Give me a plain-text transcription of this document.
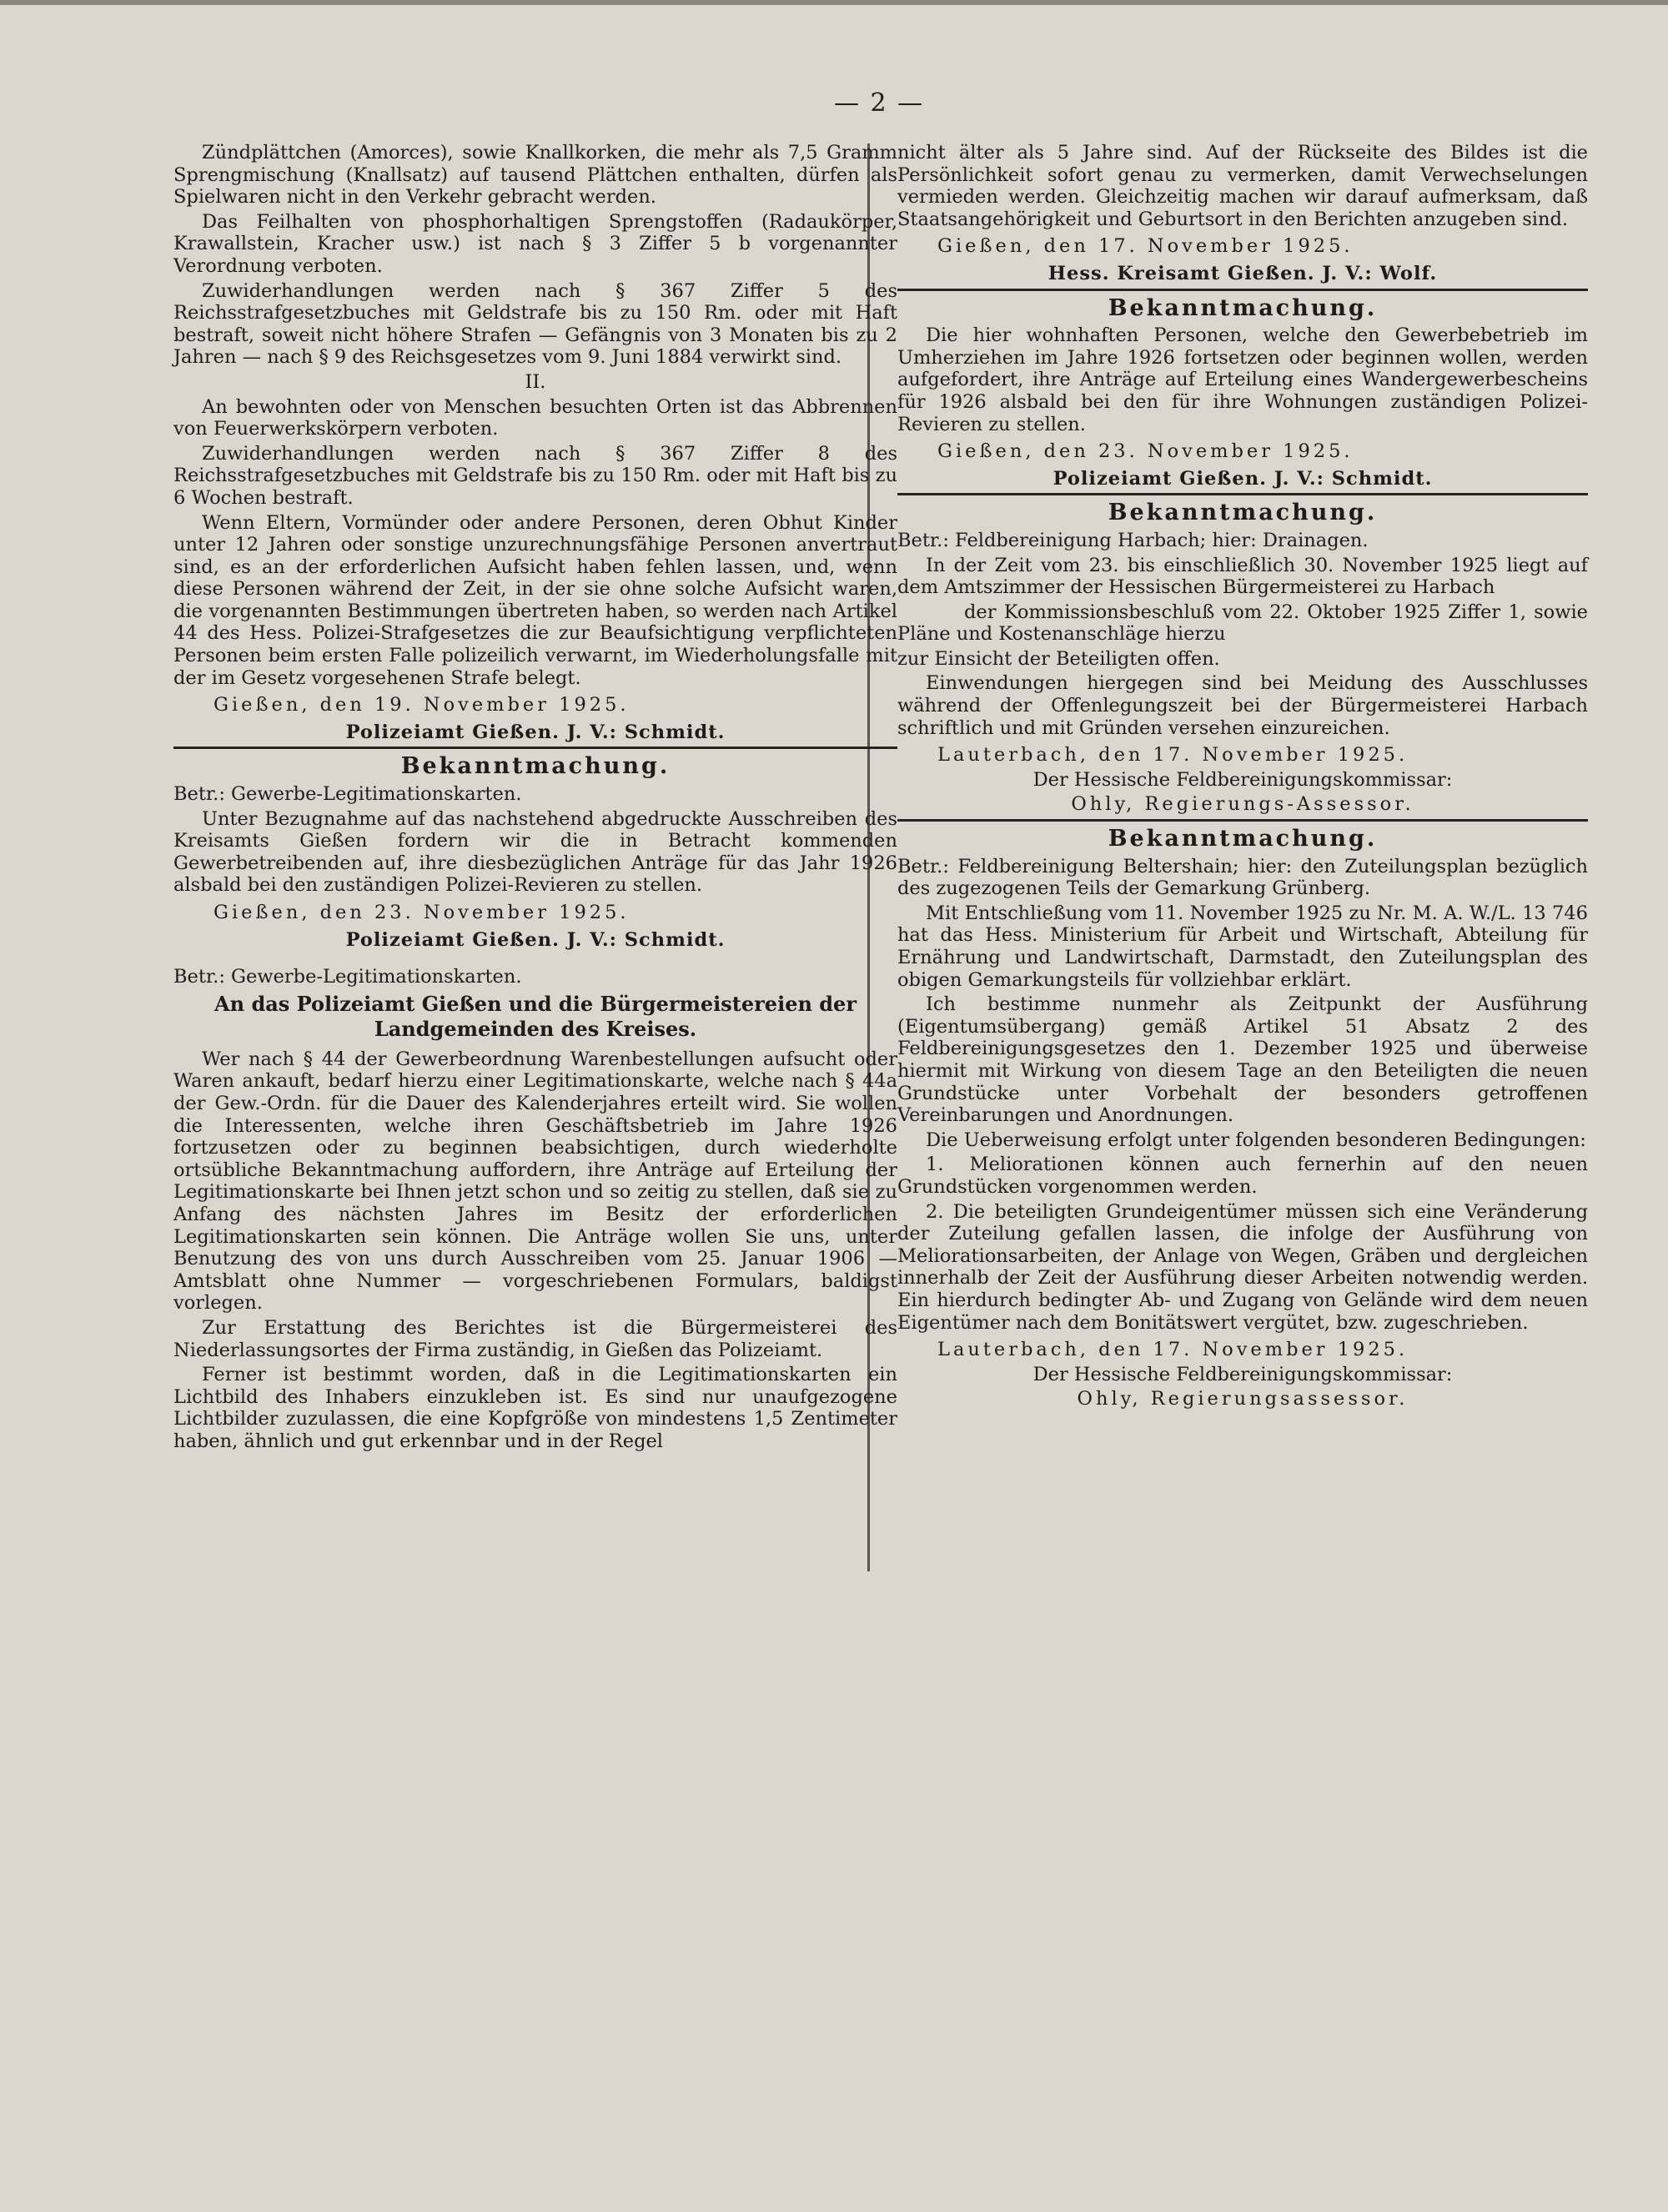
— 2 —

Zündplättchen (Amorces), sowie Knallkorken, die mehr als 7,5 Gramm Sprengmischung (Knallsatz) auf tausend Plättchen enthalten, dürfen als Spielwaren nicht in den Verkehr gebracht werden.

Das Feilhalten von phosphorhaltigen Sprengstoffen (Radaukörper, Krawallstein, Kracher usw.) ist nach § 3 Ziffer 5 b vorgenannter Verordnung verboten.

Zuwiderhandlungen werden nach § 367 Ziffer 5 des Reichsstrafgesetzbuches mit Geldstrafe bis zu 150 Rm. oder mit Haft bestraft, soweit nicht höhere Strafen — Gefängnis von 3 Monaten bis zu 2 Jahren — nach § 9 des Reichsgesetzes vom 9. Juni 1884 verwirkt sind.

II.

An bewohnten oder von Menschen besuchten Orten ist das Abbrennen von Feuerwerkskörpern verboten.

Zuwiderhandlungen werden nach § 367 Ziffer 8 des Reichsstrafgesetzbuches mit Geldstrafe bis zu 150 Rm. oder mit Haft bis zu 6 Wochen bestraft.

Wenn Eltern, Vormünder oder andere Personen, deren Obhut Kinder unter 12 Jahren oder sonstige unzurechnungsfähige Personen anvertraut sind, es an der erforderlichen Aufsicht haben fehlen lassen, und, wenn diese Personen während der Zeit, in der sie ohne solche Aufsicht waren, die vorgenannten Bestimmungen übertreten haben, so werden nach Artikel 44 des Hess. Polizei-Strafgesetzes die zur Beaufsichtigung verpflichteten Personen beim ersten Falle polizeilich verwarnt, im Wiederholungsfalle mit der im Gesetz vorgesehenen Strafe belegt.

Gießen, den 19. November 1925.

Polizeiamt Gießen. J. V.: Schmidt.

Bekanntmachung.

Betr.: Gewerbe-Legitimationskarten.

Unter Bezugnahme auf das nachstehend abgedruckte Ausschreiben des Kreisamts Gießen fordern wir die in Betracht kommenden Gewerbetreibenden auf, ihre diesbezüglichen Anträge für das Jahr 1926 alsbald bei den zuständigen Polizei-Revieren zu stellen.

Gießen, den 23. November 1925.

Polizeiamt Gießen. J. V.: Schmidt.

Betr.: Gewerbe-Legitimationskarten.

An das Polizeiamt Gießen und die Bürgermeistereien der Landgemeinden des Kreises.

Wer nach § 44 der Gewerbeordnung Warenbestellungen aufsucht oder Waren ankauft, bedarf hierzu einer Legitimationskarte, welche nach § 44a der Gew.-Ordn. für die Dauer des Kalenderjahres erteilt wird. Sie wollen die Interessenten, welche ihren Geschäftsbetrieb im Jahre 1926 fortzusetzen oder zu beginnen beabsichtigen, durch wiederholte ortsübliche Bekanntmachung auffordern, ihre Anträge auf Erteilung der Legitimationskarte bei Ihnen jetzt schon und so zeitig zu stellen, daß sie zu Anfang des nächsten Jahres im Besitz der erforderlichen Legitimationskarten sein können. Die Anträge wollen Sie uns, unter Benutzung des von uns durch Ausschreiben vom 25. Januar 1906 — Amtsblatt ohne Nummer — vorgeschriebenen Formulars, baldigst vorlegen.

Zur Erstattung des Berichtes ist die Bürgermeisterei des Niederlassungsortes der Firma zuständig, in Gießen das Polizeiamt.

Ferner ist bestimmt worden, daß in die Legitimationskarten ein Lichtbild des Inhabers einzukleben ist. Es sind nur unaufgezogene Lichtbilder zuzulassen, die eine Kopfgröße von mindestens 1,5 Zentimeter haben, ähnlich und gut erkennbar und in der Regel

nicht älter als 5 Jahre sind. Auf der Rückseite des Bildes ist die Persönlichkeit sofort genau zu vermerken, damit Verwechselungen vermieden werden. Gleichzeitig machen wir darauf aufmerksam, daß Staatsangehörigkeit und Geburtsort in den Berichten anzugeben sind.

Gießen, den 17. November 1925.

Hess. Kreisamt Gießen. J. V.: Wolf.

Bekanntmachung.

Die hier wohnhaften Personen, welche den Gewerbebetrieb im Umherziehen im Jahre 1926 fortsetzen oder beginnen wollen, werden aufgefordert, ihre Anträge auf Erteilung eines Wandergewerbescheins für 1926 alsbald bei den für ihre Wohnungen zuständigen Polizei-Revieren zu stellen.

Gießen, den 23. November 1925.

Polizeiamt Gießen. J. V.: Schmidt.

Bekanntmachung.

Betr.: Feldbereinigung Harbach; hier: Drainagen.

In der Zeit vom 23. bis einschließlich 30. November 1925 liegt auf dem Amtszimmer der Hessischen Bürgermeisterei zu Harbach

der Kommissionsbeschluß vom 22. Oktober 1925 Ziffer 1, sowie Pläne und Kostenanschläge hierzu

zur Einsicht der Beteiligten offen.

Einwendungen hiergegen sind bei Meidung des Ausschlusses während der Offenlegungszeit bei der Bürgermeisterei Harbach schriftlich und mit Gründen versehen einzureichen.

Lauterbach, den 17. November 1925.

Der Hessische Feldbereinigungskommissar:

Ohly, Regierungs-Assessor.

Bekanntmachung.

Betr.: Feldbereinigung Beltershain; hier: den Zuteilungsplan bezüglich des zugezogenen Teils der Gemarkung Grünberg.

Mit Entschließung vom 11. November 1925 zu Nr. M. A. W./L. 13 746 hat das Hess. Ministerium für Arbeit und Wirtschaft, Abteilung für Ernährung und Landwirtschaft, Darmstadt, den Zuteilungsplan des obigen Gemarkungsteils für vollziehbar erklärt.

Ich bestimme nunmehr als Zeitpunkt der Ausführung (Eigentumsübergang) gemäß Artikel 51 Absatz 2 des Feldbereinigungsgesetzes den 1. Dezember 1925 und überweise hiermit mit Wirkung von diesem Tage an den Beteiligten die neuen Grundstücke unter Vorbehalt der besonders getroffenen Vereinbarungen und Anordnungen.

Die Ueberweisung erfolgt unter folgenden besonderen Bedingungen:

1. Meliorationen können auch fernerhin auf den neuen Grundstücken vorgenommen werden.

2. Die beteiligten Grundeigentümer müssen sich eine Veränderung der Zuteilung gefallen lassen, die infolge der Ausführung von Meliorationsarbeiten, der Anlage von Wegen, Gräben und dergleichen innerhalb der Zeit der Ausführung dieser Arbeiten notwendig werden. Ein hierdurch bedingter Ab- und Zugang von Gelände wird dem neuen Eigentümer nach dem Bonitätswert vergütet, bzw. zugeschrieben.

Lauterbach, den 17. November 1925.

Der Hessische Feldbereinigungskommissar:

Ohly, Regierungsassessor.
